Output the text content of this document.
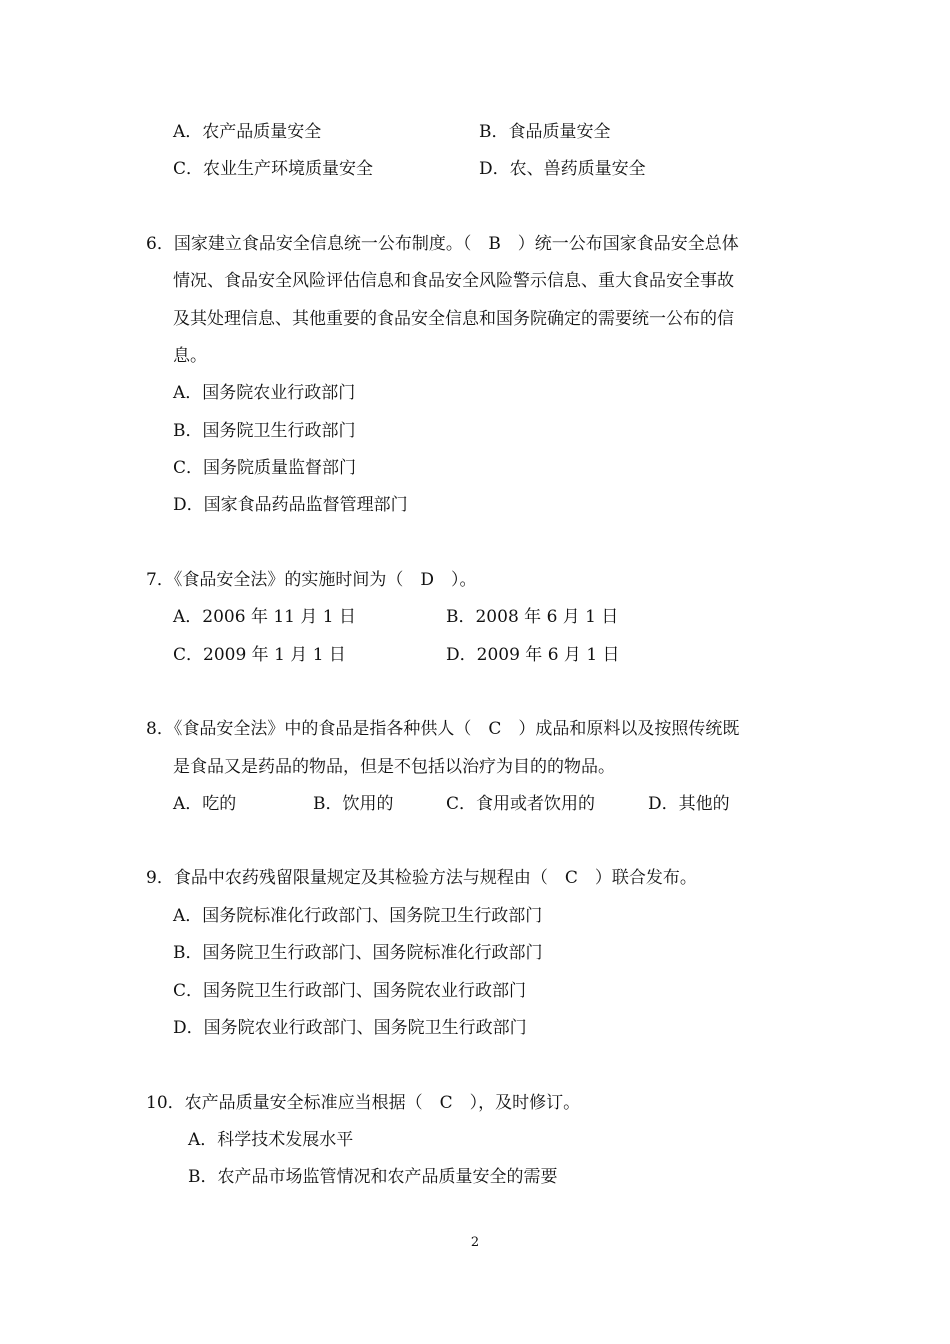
A．农产品质量安全	B．食品质量安全
C．农业生产环境质量安全	D．农、兽药质量安全
6．国家建立食品安全信息统一公布制度。（　B　）统一公布国家食品安全总体
情况、食品安全风险评估信息和食品安全风险警示信息、重大食品安全事故
及其处理信息、其他重要的食品安全信息和国务院确定的需要统一公布的信
息。
A．国务院农业行政部门
B．国务院卫生行政部门
C．国务院质量监督部门
D．国家食品药品监督管理部门
7．《食品安全法》的实施时间为（　D　）。
A．2006 年 11 月 1 日	B．2008 年 6 月 1 日
C．2009 年 1 月 1 日	D．2009 年 6 月 1 日
8．《食品安全法》中的食品是指各种供人（　C　）成品和原料以及按照传统既
是食品又是药品的物品，但是不包括以治疗为目的的物品。
A．吃的	B．饮用的	C．食用或者饮用的	D．其他的
9．食品中农药残留限量规定及其检验方法与规程由（　C　）联合发布。
A．国务院标准化行政部门、国务院卫生行政部门
B．国务院卫生行政部门、国务院标准化行政部门
C．国务院卫生行政部门、国务院农业行政部门
D．国务院农业行政部门、国务院卫生行政部门
10．农产品质量安全标准应当根据（　C　），及时修订。
A．科学技术发展水平
B．农产品市场监管情况和农产品质量安全的需要
2
